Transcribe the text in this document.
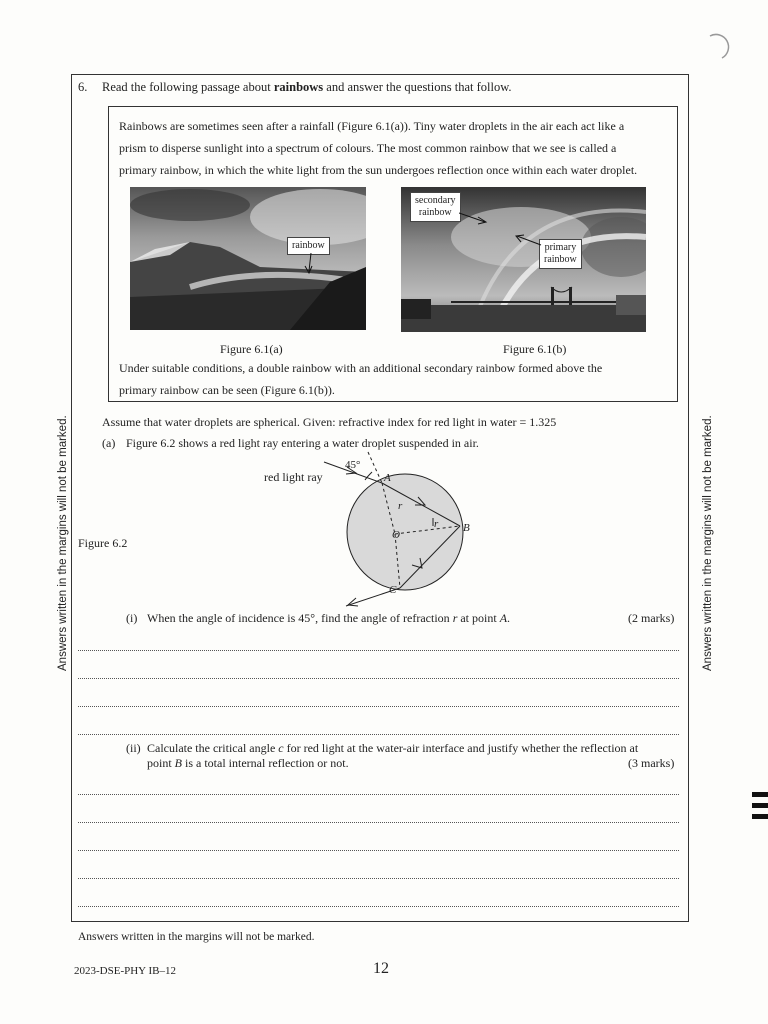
Answers written in the margins will not be marked.	Answers written in the margins will not be marked.
6. Read the following passage about rainbows and answer the questions that follow.
Rainbows are sometimes seen after a rainfall (Figure 6.1(a)). Tiny water droplets in the air each act like a
prism to disperse sunlight into a spectrum of colours. The most common rainbow that we see is called a
primary rainbow, in which the white light from the sun undergoes reflection once within each water droplet.
rainbow
secondary
rainbow
primary
rainbow
Figure 6.1(a)	Figure 6.1(b)
Under suitable conditions, a double rainbow with an additional secondary rainbow formed above the
primary rainbow can be seen (Figure 6.1(b)).
Assume that water droplets are spherical. Given: refractive index for red light in water = 1.325
(a) Figure 6.2 shows a red light ray entering a water droplet suspended in air.
Figure 6.2
red light ray
45°
A
B
C
O
r
r
(i) When the angle of incidence is 45°, find the angle of refraction r at point A.	(2 marks)
(ii) Calculate the critical angle c for red light at the water-air interface and justify whether the reflection at
point B is a total internal reflection or not.	(3 marks)
Answers written in the margins will not be marked.
2023-DSE-PHY IB–12	12
